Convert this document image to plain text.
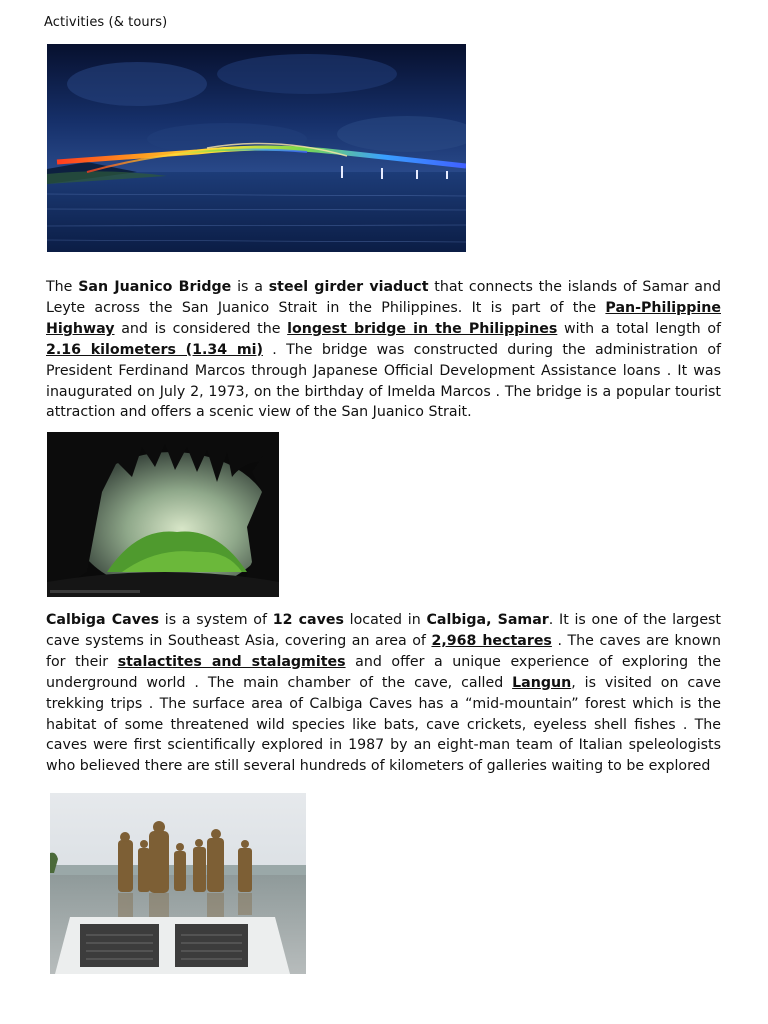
Activities (& tours)

The San Juanico Bridge is a steel girder viaduct that connects the islands of Samar and Leyte across the San Juanico Strait in the Philippines. It is part of the Pan-Philippine Highway and is considered the longest bridge in the Philippines with a total length of 2.16 kilometers (1.34 mi) . The bridge was constructed during the administration of President Ferdinand Marcos through Japanese Official Development Assistance loans . It was inaugurated on July 2, 1973, on the birthday of Imelda Marcos . The bridge is a popular tourist attraction and offers a scenic view of the San Juanico Strait.

Calbiga Caves is a system of 12 caves located in Calbiga, Samar. It is one of the largest cave systems in Southeast Asia, covering an area of 2,968 hectares . The caves are known for their stalactites and stalagmites and offer a unique experience of exploring the underground world . The main chamber of the cave, called Langun, is visited on cave trekking trips . The surface area of Calbiga Caves has a “mid-mountain” forest which is the habitat of some threatened wild species like bats, cave crickets, eyeless shell fishes . The caves were first scientifically explored in 1987 by an eight-man team of Italian speleologists who believed there are still several hundreds of kilometers of galleries waiting to be explored
